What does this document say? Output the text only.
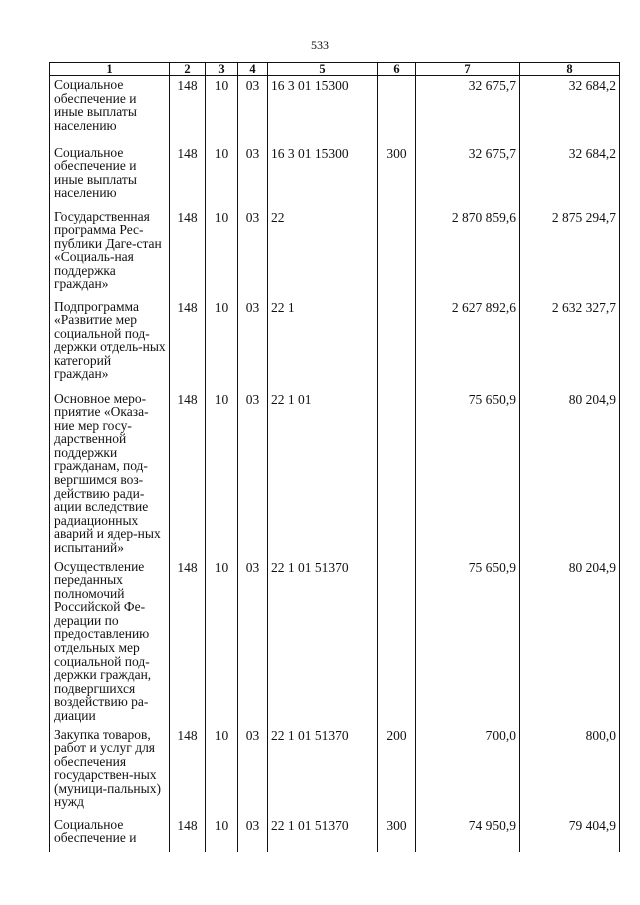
533
1	2	3	4	5	6	7	8
Социальное обеспечение и иные выплаты населению	148	10	03	16 3 01 15300		32 675,7	32 684,2
Социальное обеспечение и иные выплаты населению	148	10	03	16 3 01 15300	300	32 675,7	32 684,2
Государственная программа Рес-публики Даге-стан «Социаль-ная поддержка граждан»	148	10	03	22		2 870 859,6	2 875 294,7
Подпрограмма «Развитие мер социальной под-держки отдель-ных категорий граждан»	148	10	03	22 1		2 627 892,6	2 632 327,7
Основное меро-приятие «Оказа-ние мер госу-дарственной поддержки гражданам, под-вергшимся воз-действию ради-ации вследствие радиационных аварий и ядер-ных испытаний»	148	10	03	22 1 01		75 650,9	80 204,9
Осуществление переданных полномочий Российской Фе-дерации по предоставлению отдельных мер социальной под-держки граждан, подвергшихся воздействию ра-диации	148	10	03	22 1 01 51370		75 650,9	80 204,9
Закупка товаров, работ и услуг для обеспечения государствен-ных (муници-пальных) нужд	148	10	03	22 1 01 51370	200	700,0	800,0
Социальное обеспечение и	148	10	03	22 1 01 51370	300	74 950,9	79 404,9
